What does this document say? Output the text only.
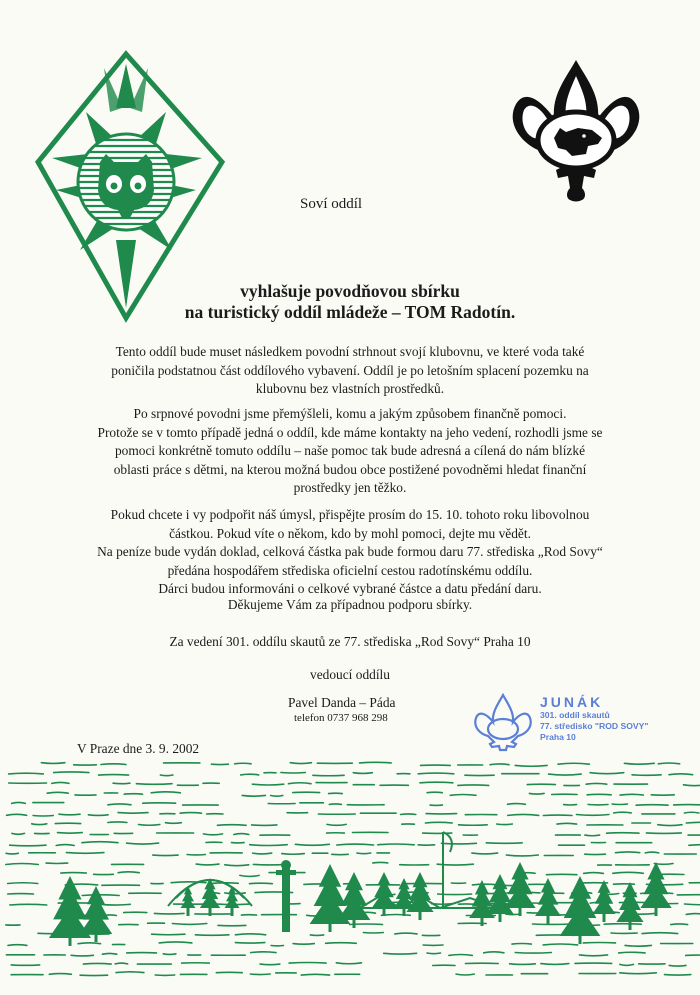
Soví oddíl
vyhlašuje povodňovou sbírku
na turistický oddíl mládeže – TOM Radotín.
Tento oddíl bude muset následkem povodní strhnout svojí klubovnu, ve které voda také
poničila podstatnou část oddílového vybavení. Oddíl je po letošním splacení pozemku na
klubovnu bez vlastních prostředků.
Po srpnové povodni jsme přemýšleli, komu a jakým způsobem finančně pomoci.
Protože se v tomto případě jedná o oddíl, kde máme kontakty na jeho vedení, rozhodli jsme se
pomoci konkrétně tomuto oddílu – naše pomoc tak bude adresná a cílená do nám blízké
oblasti práce s dětmi, na kterou možná budou obce postižené povodněmi hledat finanční
prostředky jen těžko.
Pokud chcete i vy podpořit náš úmysl, přispějte prosím do 15. 10. tohoto roku libovolnou
částkou. Pokud víte o někom, kdo by mohl pomoci, dejte mu vědět.
Na peníze bude vydán doklad, celková částka pak bude formou daru 77. střediska „Rod Sovy“
předána hospodářem střediska oficielní cestou radotínskému oddílu.
Dárci budou informováni o celkové vybrané částce a datu předání daru.
Děkujeme Vám za případnou podporu sbírky.
Za vedení 301. oddílu skautů ze 77. střediska „Rod Sovy“ Praha 10
vedoucí oddílu
Pavel Danda – Páda
telefon 0737 968 298
V Praze dne 3. 9. 2002
JUNÁK
301. oddíl skautů
77. středisko "ROD SOVY"
Praha 10
